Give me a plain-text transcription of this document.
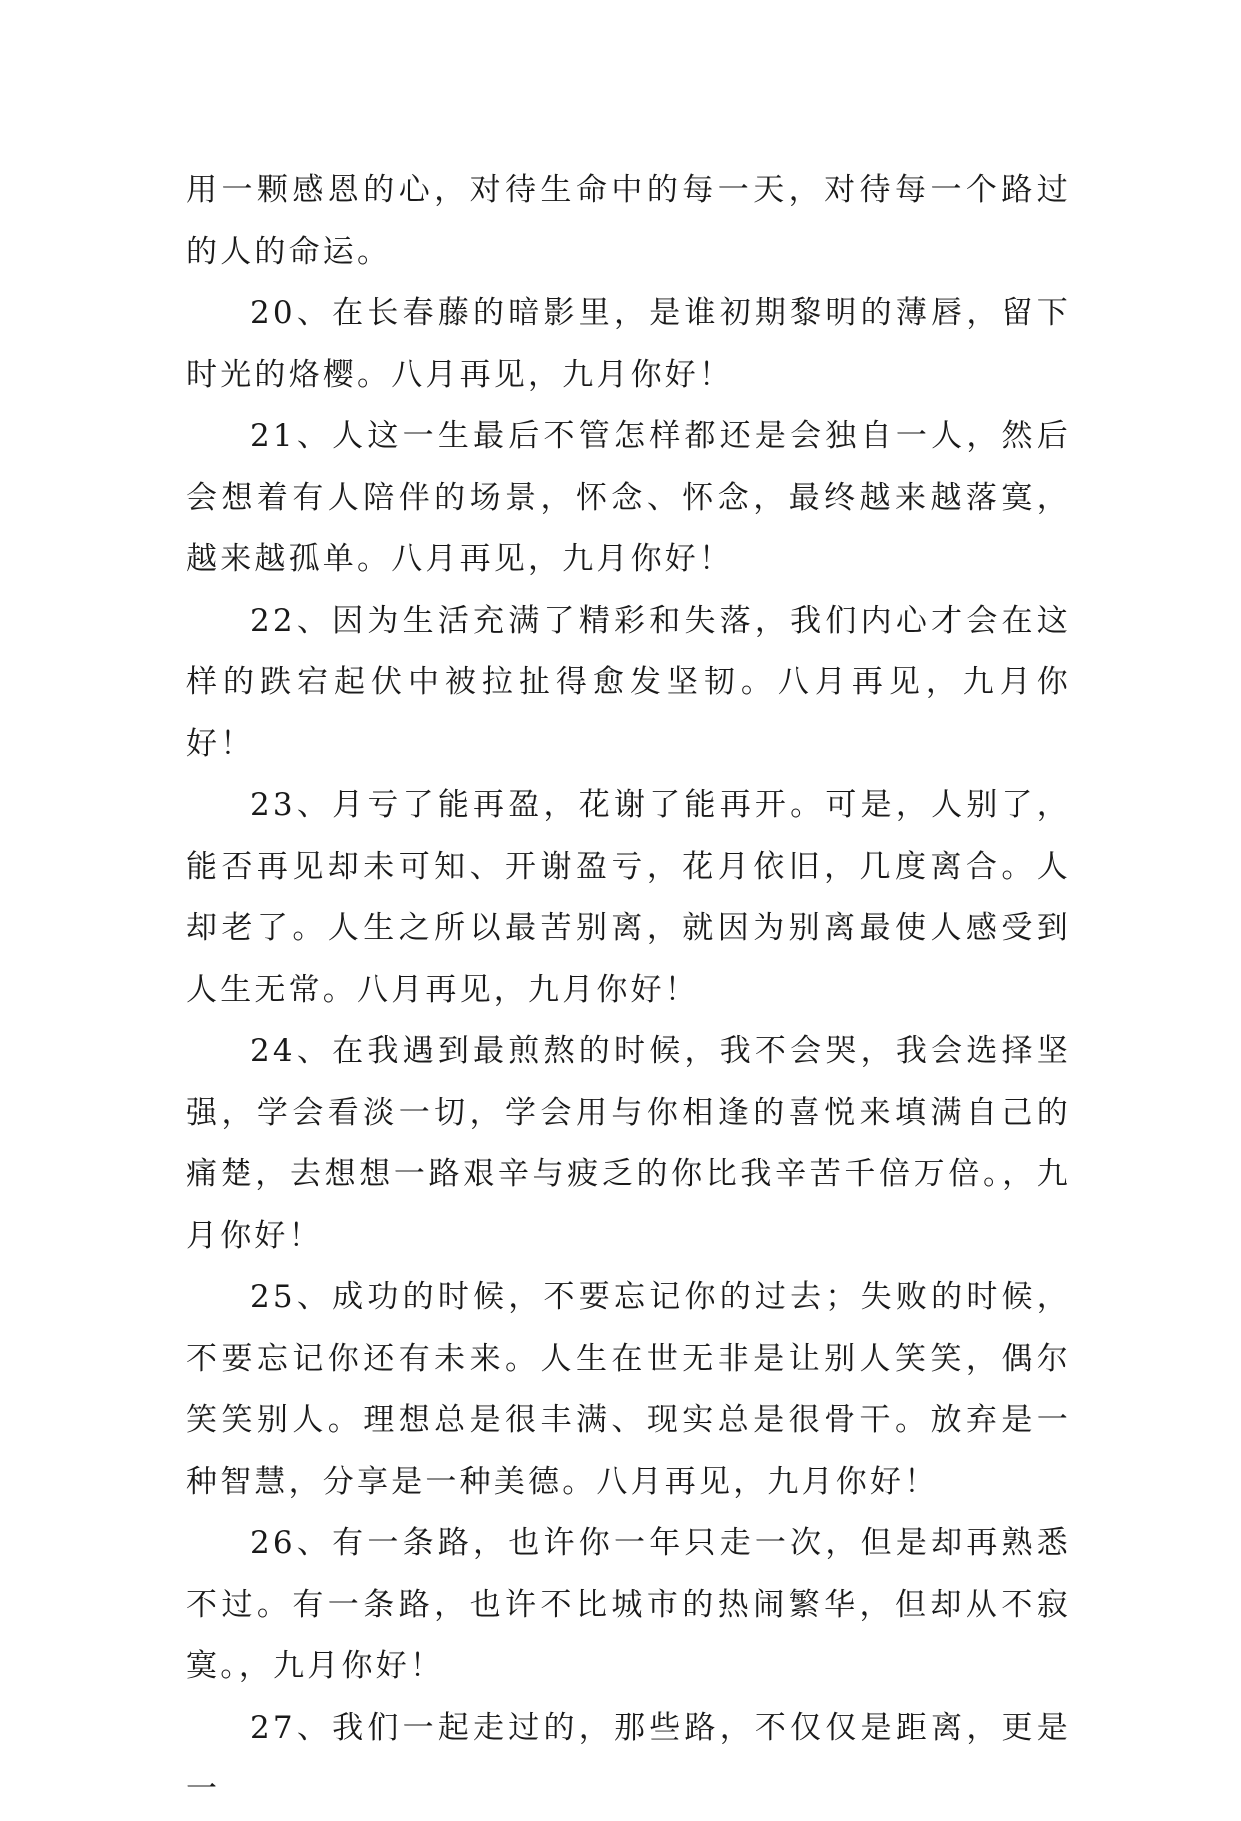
用一颗感恩的心，对待生命中的每一天，对待每一个路过的人的命运。

20、在长春藤的暗影里，是谁初期黎明的薄唇，留下时光的烙樱。八月再见，九月你好！

21、人这一生最后不管怎样都还是会独自一人，然后会想着有人陪伴的场景，怀念、怀念，最终越来越落寞，越来越孤单。八月再见，九月你好！

22、因为生活充满了精彩和失落，我们内心才会在这样的跌宕起伏中被拉扯得愈发坚韧。八月再见，九月你好！

23、月亏了能再盈，花谢了能再开。可是，人别了，能否再见却未可知、开谢盈亏，花月依旧，几度离合。人却老了。人生之所以最苦别离，就因为别离最使人感受到人生无常。八月再见，九月你好！

24、在我遇到最煎熬的时候，我不会哭，我会选择坚强，学会看淡一切，学会用与你相逢的喜悦来填满自己的痛楚，去想想一路艰辛与疲乏的你比我辛苦千倍万倍。，九月你好！

25、成功的时候，不要忘记你的过去；失败的时候，不要忘记你还有未来。人生在世无非是让别人笑笑，偶尔笑笑别人。理想总是很丰满、现实总是很骨干。放弃是一种智慧，分享是一种美德。八月再见，九月你好！

26、有一条路，也许你一年只走一次，但是却再熟悉不过。有一条路，也许不比城市的热闹繁华，但却从不寂寞。，九月你好！

27、我们一起走过的，那些路，不仅仅是距离，更是一
